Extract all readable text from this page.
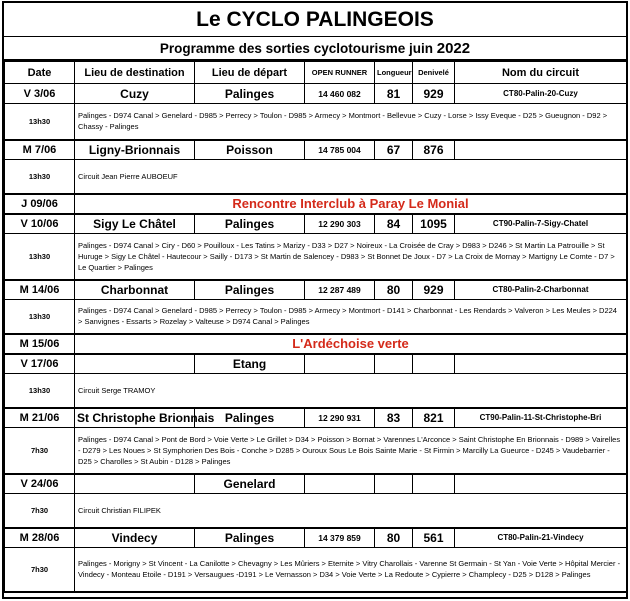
Le CYCLO PALINGEOIS
Programme des sorties cyclotourisme juin 2022
Date	Lieu de destination	Lieu de départ	OPEN RUNNER	Longueur	Denivelé	Nom du circuit
V 3/06	Cuzy	Palinges	14 460 082	81	929	CT80-Palin-20-Cuzy
13h30	Palinges - D974 Canal > Genelard - D985 > Perrecy > Toulon - D985 > Armecy > Montmort - Bellevue > Cuzy - Lorse > Issy Eveque - D25 > Gueugnon - D92 > Chassy - Palinges					
M 7/06	Ligny-Brionnais	Poisson	14 785 004	67	876	
13h30	Circuit Jean Pierre AUBOEUF					
J 09/06	Rencontre Interclub à Paray Le Monial					
V 10/06	Sigy Le Châtel	Palinges	12 290 303	84	1095	CT90-Palin-7-Sigy-Chatel
13h30	Palinges - D974 Canal > Ciry - D60 > Pouilloux - Les Tatins > Marizy - D33 > D27 > Noireux - La Croisée de Cray > D983 > D246 > St Martin La Patrouille > St Huruge > Sigy Le Châtel - Hautecour > Sailly - D173 > St Martin de Salencey - D983 > St Bonnet De Joux - D7 > La Croix de Mornay > Martigny Le Comte - D7 > Le Quartier > Palinges					
M 14/06	Charbonnat	Palinges	12 287 489	80	929	CT80-Palin-2-Charbonnat
13h30	Palinges - D974 Canal > Genelard - D985 > Perrecy > Toulon - D985 > Armecy > Montmort - D141 > Charbonnat - Les Rendards > Valveron > Les Meules > D224 > Sanvignes - Essarts > Rozelay > Valteuse > D974 Canal > Palinges					
M 15/06	L'Ardéchoise verte					
V 17/06		Etang				
13h30	Circuit Serge TRAMOY					
M 21/06	St Christophe Brionnais	Palinges	12 290 931	83	821	CT90-Palin-11-St-Christophe-Bri
7h30	Palinges - D974 Canal > Pont de Bord > Voie Verte > Le Grillet > D34 > Poisson > Bornat > Varennes L'Arconce > Saint Christophe En Brionnais - D989 > Vairelles - D279 > Les Noues > St Symphorien Des Bois - Conche > D285 > Ouroux Sous Le Bois Sainte Marie - St Firmin > Marcilly La Gueurce - D245 > Vaudebarrier - D25 > Charolles > St Aubin - D128 > Palinges					
V 24/06		Genelard				
7h30	Circuit Christian FILIPEK					
M 28/06	Vindecy	Palinges	14 379 859	80	561	CT80-Palin-21-Vindecy
7h30	Palinges - Morigny > St Vincent - La Canilotte > Chevagny > Les Mûriers > Eternite > Vitry Charollais - Varenne St Germain - St Yan - Voie Verte > Hôpital Mercier - Vindecy - Monteau Etoile - D191 > Versaugues -D191 > Le Vernasson > D34 > Voie Verte > La Redoute > Cypierre > Champlecy - D25 > D128 > Palinges					
